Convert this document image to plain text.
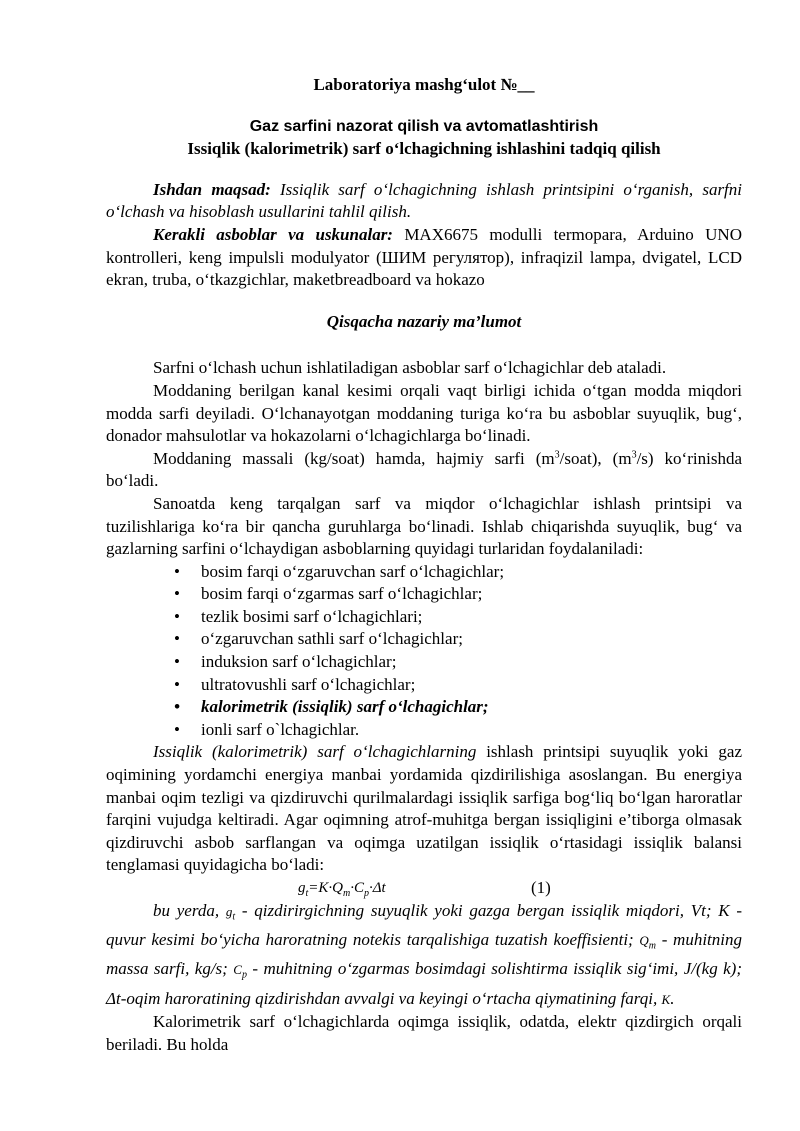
Laboratoriya mashg‘ulot №__

Gaz sarfini nazorat qilish va avtomatlashtirish

Issiqlik (kalorimetrik) sarf o‘lchagichning ishlashini tadqiq qilish

Ishdan maqsad: Issiqlik sarf o‘lchagichning ishlash printsipini o‘rganish, sarfni o‘lchash va hisoblash usullarini tahlil qilish.

Kerakli asboblar va uskunalar: MAX6675 modulli termopara, Arduino UNO kontrolleri, keng impulsli modulyator (ШИМ регулятор), infraqizil lampa, dvigatel, LCD ekran, truba, o‘tkazgichlar, maketbreadboard va hokazo

Qisqacha nazariy ma’lumot

Sarfni o‘lchash uchun ishlatiladigan asboblar sarf o‘lchagichlar deb ataladi.

Moddaning berilgan kanal kesimi orqali vaqt birligi ichida o‘tgan modda miqdori modda sarfi deyiladi. O‘lchanayotgan moddaning turiga ko‘ra bu asboblar suyuqlik, bug‘, donador mahsulotlar va hokazolarni o‘lchagichlarga bo‘linadi.

Moddaning massali (kg/soat) hamda, hajmiy sarfi $(m^3/soat)$, $(m^3/s)$ ko‘rinishda bo‘ladi.

Sanoatda keng tarqalgan sarf va miqdor o‘lchagichlar ishlash printsipi va tuzilishlariga ko‘ra bir qancha guruhlarga bo‘linadi. Ishlab chiqarishda suyuqlik, bug‘ va gazlarning sarfini o‘lchaydigan asboblarning quyidagi turlaridan foydalaniladi:

• bosim farqi o‘zgaruvchan sarf o‘lchagichlar;
• bosim farqi o‘zgarmas sarf o‘lchagichlar;
• tezlik bosimi sarf o‘lchagichlari;
• o‘zgaruvchan sathli sarf o‘lchagichlar;
• induksion sarf o‘lchagichlar;
• ultratovushli sarf o‘lchagichlar;
• kalorimetrik (issiqlik) sarf o‘lchagichlar;
• ionli sarf o`lchagichlar.

Issiqlik (kalorimetrik) sarf o‘lchagichlarning ishlash printsipi suyuqlik yoki gaz oqimining yordamchi energiya manbai yordamida qizdirilishiga asoslangan. Bu energiya manbai oqim tezligi va qizdiruvchi qurilmalardagi issiqlik sarfiga bog‘liq bo‘lgan haroratlar farqini vujudga keltiradi. Agar oqimning atrof-muhitga bergan issiqligini e’tiborga olmasak qizdiruvchi asbob sarflangan va oqimga uzatilgan issiqlik o‘rtasidagi issiqlik balansi tenglamasi quyidagicha bo‘ladi:

$g_t=K\cdot Q_m\cdot C_p\cdot\Delta t$	(1)

bu yerda, $g_t$ - qizdirirgichning suyuqlik yoki gazga bergan issiqlik miqdori, Vt; K - quvur kesimi bo‘yicha haroratning notekis tarqalishiga tuzatish koeffisienti; $Q_m$ - muhitning massa sarfi, kg/s; $C_p$ - muhitning o‘zgarmas bosimdagi solishtirma issiqlik sig‘imi, J/(kg k); Δt-oqim haroratining qizdirishdan avvalgi va keyingi o‘rtacha qiymatining farqi, K.

Kalorimetrik sarf o‘lchagichlarda oqimga issiqlik, odatda, elektr qizdirgich orqali beriladi. Bu holda
